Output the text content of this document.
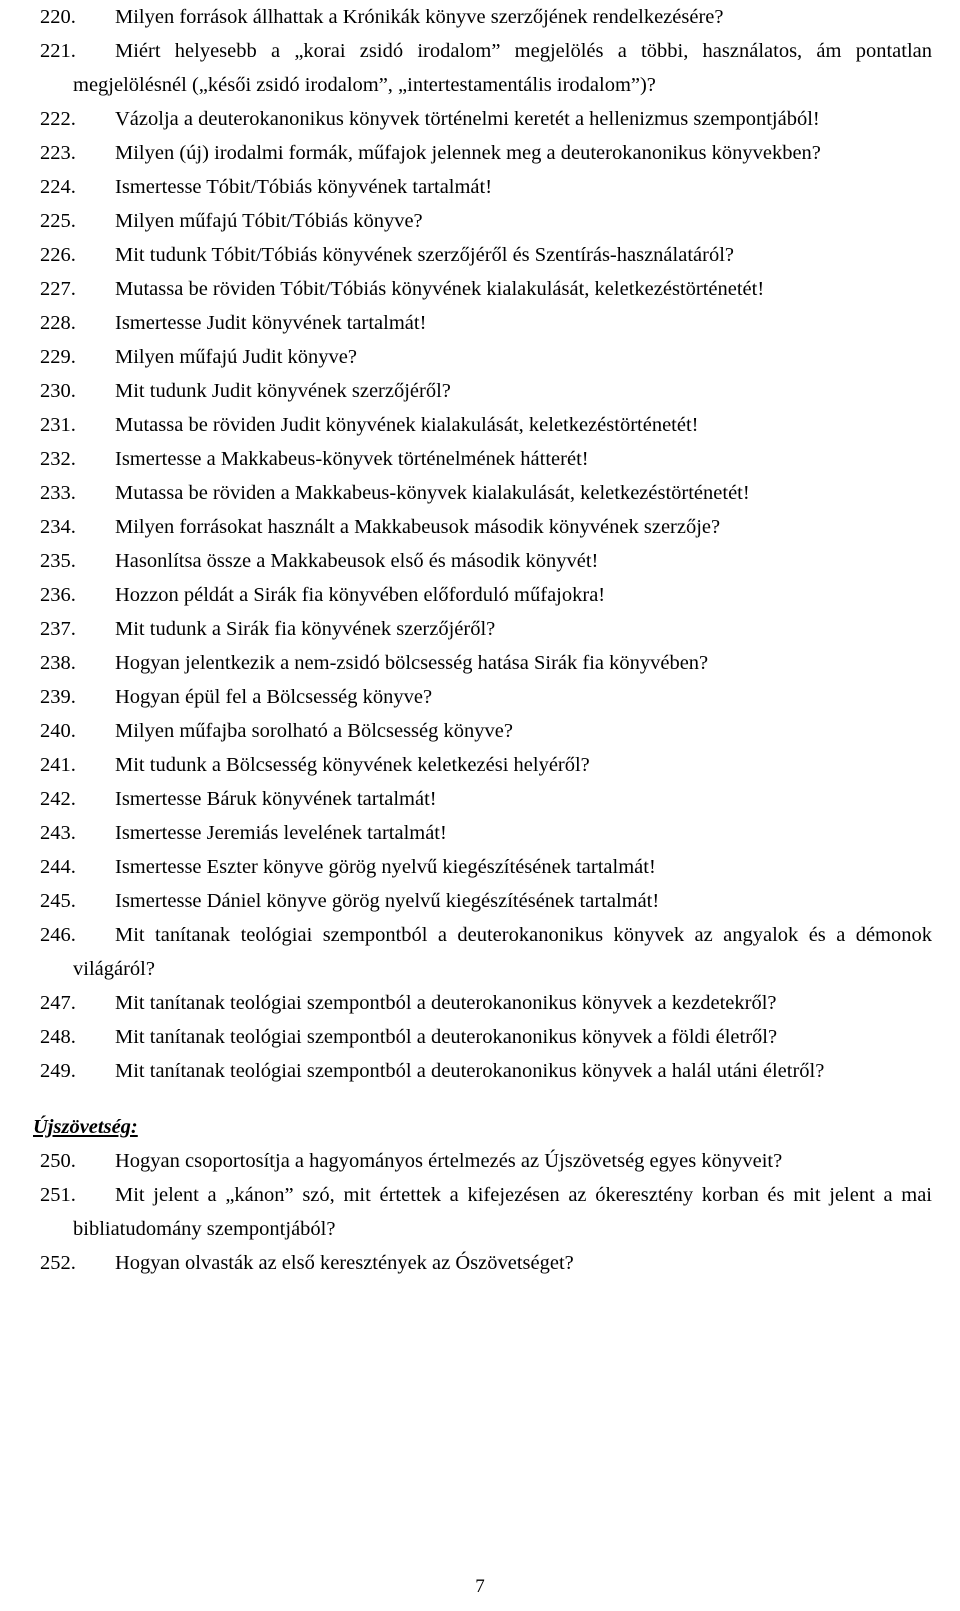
220. Milyen források állhattak a Krónikák könyve szerzőjének rendelkezésére?

221. Miért helyesebb a „korai zsidó irodalom” megjelölés a többi, használatos, ám pontatlan megjelölésnél („késői zsidó irodalom”, „intertestamentális irodalom”)?

222. Vázolja a deuterokanonikus könyvek történelmi keretét a hellenizmus szempontjából!

223. Milyen (új) irodalmi formák, műfajok jelennek meg a deuterokanonikus könyvekben?

224. Ismertesse Tóbit/Tóbiás könyvének tartalmát!

225. Milyen műfajú Tóbit/Tóbiás könyve?

226. Mit tudunk Tóbit/Tóbiás könyvének szerzőjéről és Szentírás-használatáról?

227. Mutassa be röviden Tóbit/Tóbiás könyvének kialakulását, keletkezéstörténetét!

228. Ismertesse Judit könyvének tartalmát!

229. Milyen műfajú Judit könyve?

230. Mit tudunk Judit könyvének szerzőjéről?

231. Mutassa be röviden Judit könyvének kialakulását, keletkezéstörténetét!

232. Ismertesse a Makkabeus-könyvek történelmének hátterét!

233. Mutassa be röviden a Makkabeus-könyvek kialakulását, keletkezéstörténetét!

234. Milyen forrásokat használt a Makkabeusok második könyvének szerzője?

235. Hasonlítsa össze a Makkabeusok első és második könyvét!

236. Hozzon példát a Sirák fia könyvében előforduló műfajokra!

237. Mit tudunk a Sirák fia könyvének szerzőjéről?

238. Hogyan jelentkezik a nem-zsidó bölcsesség hatása Sirák fia könyvében?

239. Hogyan épül fel a Bölcsesség könyve?

240. Milyen műfajba sorolható a Bölcsesség könyve?

241. Mit tudunk a Bölcsesség könyvének keletkezési helyéről?

242. Ismertesse Báruk könyvének tartalmát!

243. Ismertesse Jeremiás levelének tartalmát!

244. Ismertesse Eszter könyve görög nyelvű kiegészítésének tartalmát!

245. Ismertesse Dániel könyve görög nyelvű kiegészítésének tartalmát!

246. Mit tanítanak teológiai szempontból a deuterokanonikus könyvek az angyalok és a démonok világáról?

247. Mit tanítanak teológiai szempontból a deuterokanonikus könyvek a kezdetekről?

248. Mit tanítanak teológiai szempontból a deuterokanonikus könyvek a földi életről?

249. Mit tanítanak teológiai szempontból a deuterokanonikus könyvek a halál utáni életről?

Újszövetség:

250. Hogyan csoportosítja a hagyományos értelmezés az Újszövetség egyes könyveit?

251. Mit jelent a „kánon” szó, mit értettek a kifejezésen az ókeresztény korban és mit jelent a mai bibliatudomány szempontjából?

252. Hogyan olvasták az első keresztények az Ószövetséget?

7
